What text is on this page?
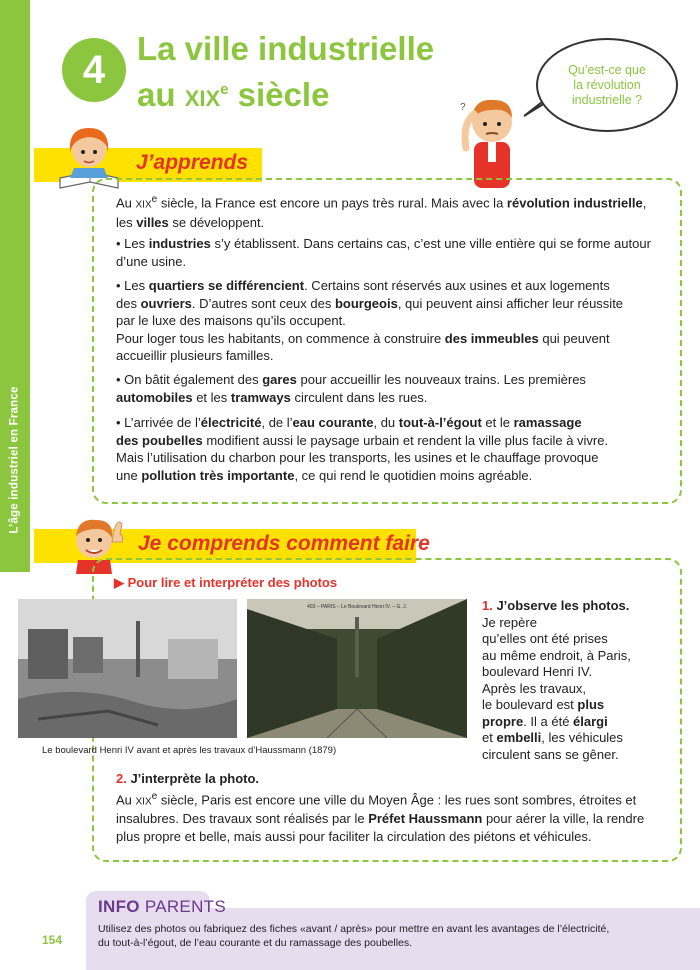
L’âge industriel en France
4 La ville industrielle
au XIXe siècle
Qu’est-ce que
la révolution
industrielle ?
?
J’apprends
Au XIXe siècle, la France est encore un pays très rural. Mais avec la révolution industrielle,
les villes se développent.
• Les industries s’y établissent. Dans certains cas, c’est une ville entière qui se forme autour
d’une usine.
• Les quartiers se différencient. Certains sont réservés aux usines et aux logements
des ouvriers. D’autres sont ceux des bourgeois, qui peuvent ainsi afficher leur réussite
par le luxe des maisons qu’ils occupent.
Pour loger tous les habitants, on commence à construire des immeubles qui peuvent
accueillir plusieurs familles.
• On bâtit également des gares pour accueillir les nouveaux trains. Les premières
automobiles et les tramways circulent dans les rues.
• L’arrivée de l’électricité, de l’eau courante, du tout-à-l’égout et le ramassage
des poubelles modifient aussi le paysage urbain et rendent la ville plus facile à vivre.
Mais l’utilisation du charbon pour les transports, les usines et le chauffage provoque
une pollution très importante, ce qui rend le quotidien moins agréable.
Je comprends comment faire
▶ Pour lire et interpréter des photos
403 – PARIS – Le Boulevard Henri IV. – G. J.
Le boulevard Henri IV avant et après les travaux d’Haussmann (1879)
1. J’observe les photos.
Je repère
qu’elles ont été prises
au même endroit, à Paris,
boulevard Henri IV.
Après les travaux,
le boulevard est plus
propre. Il a été élargi
et embelli, les véhicules
circulent sans se gêner.
2. J’interprète la photo.
Au XIXe siècle, Paris est encore une ville du Moyen Âge : les rues sont sombres, étroites et
insalubres. Des travaux sont réalisés par le Préfet Haussmann pour aérer la ville, la rendre
plus propre et belle, mais aussi pour faciliter la circulation des piétons et véhicules.
INFO PARENTS
Utilisez des photos ou fabriquez des fiches «avant / après» pour mettre en avant les avantages de l’électricité,
du tout-à-l’égout, de l’eau courante et du ramassage des poubelles.
154
